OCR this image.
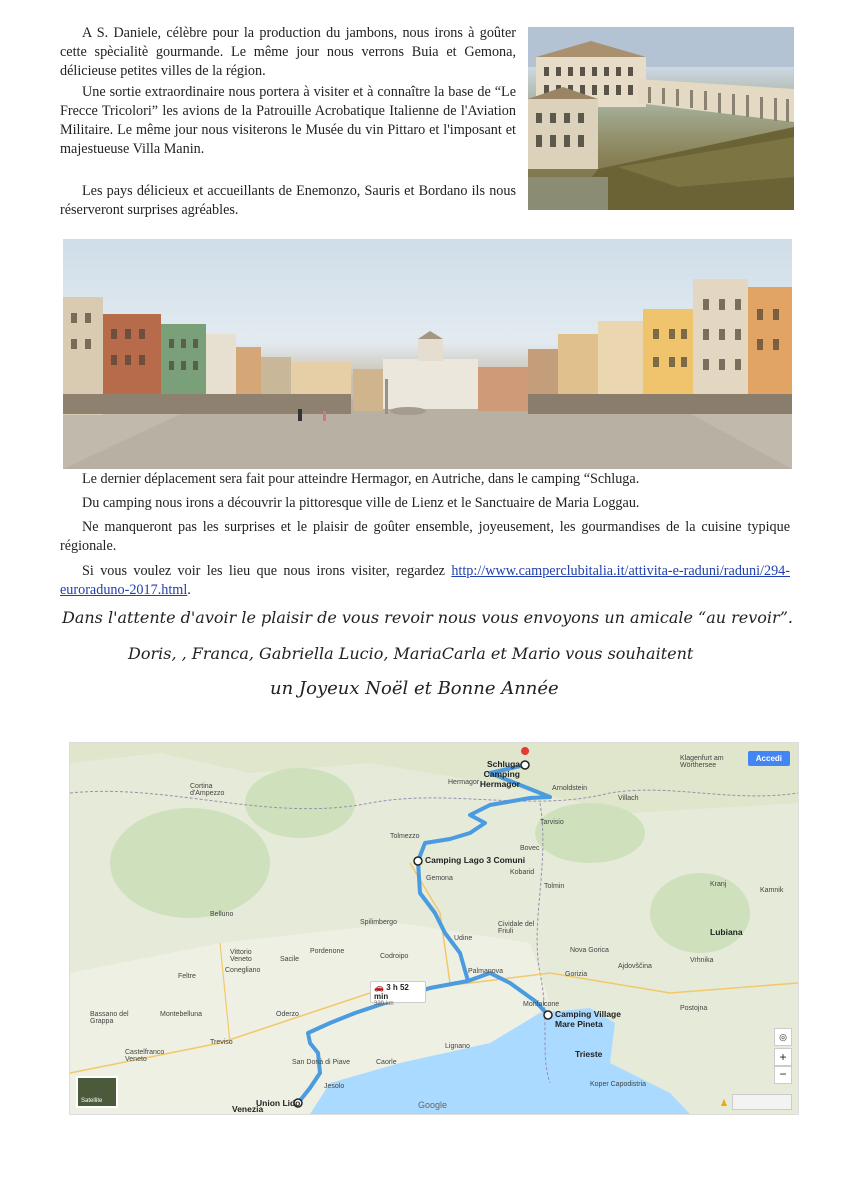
A S. Daniele, célèbre pour la production du jambons, nous irons à goûter cette spècialitè gourmande. Le même jour nous verrons Buia et Gemona, délicieuse petites villes de la région.

Une sortie extraordinaire nous portera à visiter et à connaître la base de “Le Frecce Tricolori” les avions de la Patrouille Acrobatique Italienne de l'Aviation Militaire. Le même jour nous visiterons le Musée du vin Pittaro et l'imposant et majestueuse Villa Manin.

Les pays délicieux et accueillants de Enemonzo, Sauris et Bordano ils nous réserveront surprises agréables.

Le dernier déplacement sera fait pour atteindre Hermagor, en Autriche, dans le camping “Schluga.

Du camping nous irons a découvrir la pittoresque ville de Lienz et le Sanctuaire de Maria Loggau.

Ne manqueront pas les surprises et le plaisir de goûter ensemble, joyeusement, les gourmandises de la cuisine typique régionale.

Si vous voulez voir les lieu que nous irons visiter, regardez http://www.camperclubitalia.it/attivita-e-raduni/raduni/294-euroraduno-2017.html.

Dans l'attente d'avoir le plaisir de vous revoir nous vous envoyons un amicale “au revoir”.
Doris, , Franca, Gabriella Lucio, MariaCarla et Mario vous souhaitent
un Joyeux Noël et Bonne Année
Schluga Camping Hermagor
Camping Lago 3 Comuni
Camping Village Mare Pineta
Union Lido
🚗 3 h 52 min
320 km
Villach
Klagenfurt am Wörthersee
Cortina d'Ampezzo
Belluno
Pordenone
Udine
Conegliano
Treviso
Venezia
Lubiana
Gorizia
Trieste
Koper Capodistria
Bassano del Grappa
Castelfranco Veneto
Montebelluna
Tolmezzo
Gemona
Palmanova
Codroipo
Sacile
Oderzo
San Donà di Piave
Jesolo
Caorle
Lignano
Monfalcone
Kranj
Kamnik
Cividale del Friuli
Spilimbergo
Feltre
Vittorio Veneto
Hermagor
Arnoldstein
Tarvisio
Bovec
Kobarid
Tolmin
Nova Gorica
Postojna
Vrhnika
Ajdovščina
Accedi
Satellite	Google
+
−
◎
♟
